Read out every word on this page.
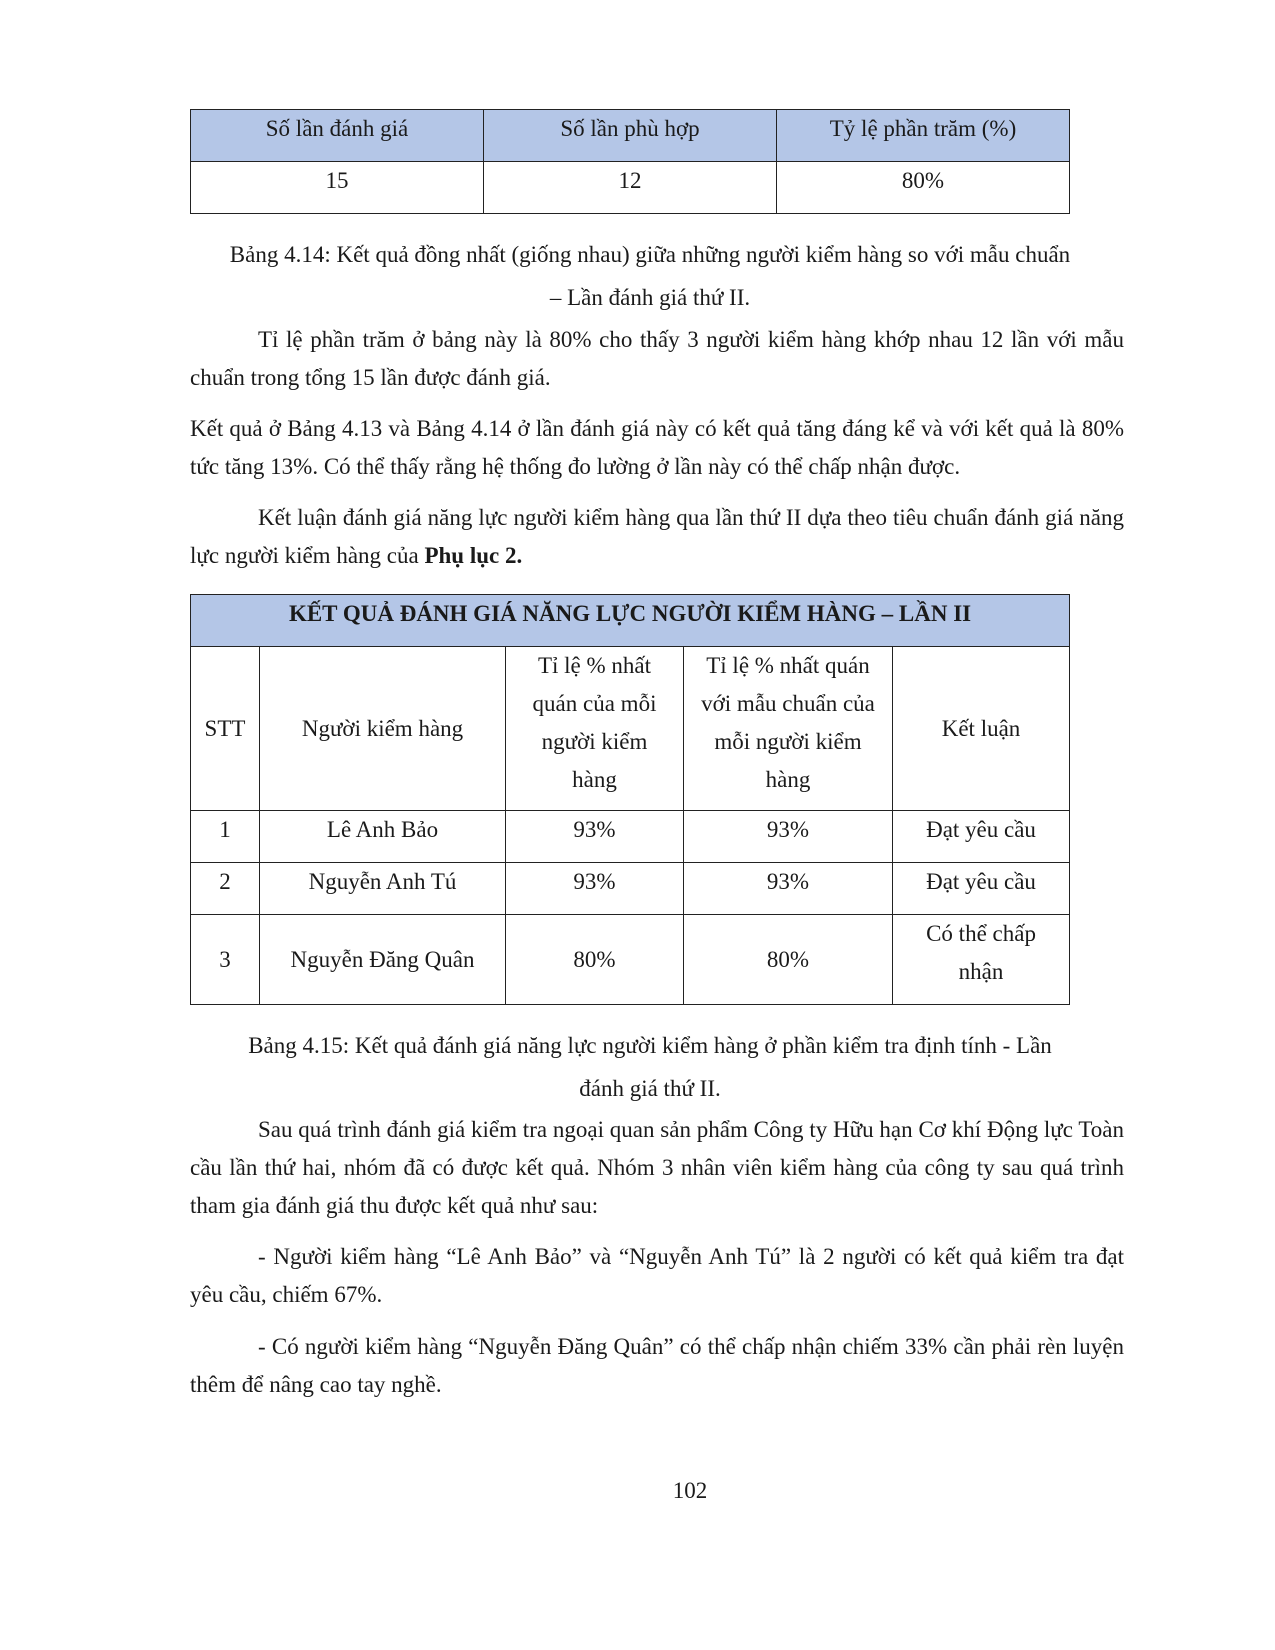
Số lần đánh giá	Số lần phù hợp	Tỷ lệ phần trăm (%)
15	12	80%
Bảng 4.14: Kết quả đồng nhất (giống nhau) giữa những người kiểm hàng so với mẫu chuẩn
– Lần đánh giá thứ II.
Tỉ lệ phần trăm ở bảng này là 80% cho thấy 3 người kiểm hàng khớp nhau 12 lần với mẫu chuẩn trong tổng 15 lần được đánh giá.
Kết quả ở Bảng 4.13 và Bảng 4.14 ở lần đánh giá này có kết quả tăng đáng kể và với kết quả là 80% tức tăng 13%. Có thể thấy rằng hệ thống đo lường ở lần này có thể chấp nhận được.
Kết luận đánh giá năng lực người kiểm hàng qua lần thứ II dựa theo tiêu chuẩn đánh giá năng lực người kiểm hàng của Phụ lục 2.
KẾT QUẢ ĐÁNH GIÁ NĂNG LỰC NGƯỜI KIỂM HÀNG – LẦN II				
STT	Người kiểm hàng	Tỉ lệ % nhất quán của mỗi người kiểm hàng	Tỉ lệ % nhất quán với mẫu chuẩn của mỗi người kiểm hàng	Kết luận
1	Lê Anh Bảo	93%	93%	Đạt yêu cầu
2	Nguyễn Anh Tú	93%	93%	Đạt yêu cầu
3	Nguyễn Đăng Quân	80%	80%	Có thể chấp nhận
Bảng 4.15: Kết quả đánh giá năng lực người kiểm hàng ở phần kiểm tra định tính - Lần
đánh giá thứ II.
Sau quá trình đánh giá kiểm tra ngoại quan sản phẩm Công ty Hữu hạn Cơ khí Động lực Toàn cầu lần thứ hai, nhóm đã có được kết quả. Nhóm 3 nhân viên kiểm hàng của công ty sau quá trình tham gia đánh giá thu được kết quả như sau:
- Người kiểm hàng “Lê Anh Bảo” và “Nguyễn Anh Tú” là 2 người có kết quả kiểm tra đạt yêu cầu, chiếm 67%.
- Có người kiểm hàng “Nguyễn Đăng Quân” có thể chấp nhận chiếm 33% cần phải rèn luyện thêm để nâng cao tay nghề.
102
